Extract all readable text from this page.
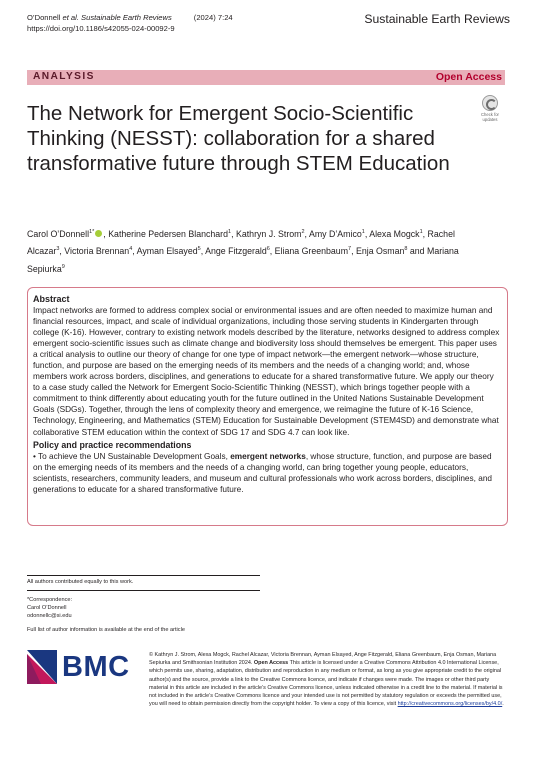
O’Donnell et al. Sustainable Earth Reviews	(2024) 7:24
https://doi.org/10.1186/s42055-024-00092-9
Sustainable Earth Reviews
ANALYSIS	Open Access
The Network for Emergent Socio-Scientific Thinking (NESST): collaboration for a shared transformative future through STEM Education
Check for updates
Carol O’Donnell$^{1*}$ , Katherine Pedersen Blanchard$^1$, Kathryn J. Strom$^2$, Amy D’Amico$^1$, Alexa Mogck$^1$, Rachel Alcazar$^3$, Victoria Brennan$^4$, Ayman Elsayed$^5$, Ange Fitzgerald$^6$, Eliana Greenbaum$^7$, Enja Osman$^8$ and Mariana Sepiurka$^9$
Abstract

Impact networks are formed to address complex social or environmental issues and are often needed to maximize human and financial resources, impact, and scale of individual organizations, including those serving students in Kindergarten through college (K-16). However, contrary to existing network models described by the literature, networks designed to address complex emergent socio-scientific issues such as climate change and biodiversity loss should themselves be emergent. This paper uses a critical analysis to outline our theory of change for one type of impact network—the emergent network—whose structure, function, and purpose are based on the emerging needs of its members and the needs of a changing world; and, whose members work across borders, disciplines, and generations to educate for a shared transformative future. We apply our theory to a case study called the Network for Emergent Socio-Scientific Thinking (NESST), which brings together people with a commitment to think differently about educating youth for the future outlined in the United Nations Sustainable Development Goals (SDGs). Together, through the lens of complexity theory and emergence, we reimagine the future of K-16 Science, Technology, Engineering, and Mathematics (STEM) Education for Sustainable Development (STEM4SD) and demonstrate what collaborative STEM education within the context of SDG 17 and SDG 4.7 can look like.

Policy and practice recommendations

• To achieve the UN Sustainable Development Goals, emergent networks, whose structure, function, and purpose are based on the emerging needs of its members and the needs of a changing world, can bring together young people, educators, scientists, researchers, community leaders, and museum and cultural professionals who work across borders, disciplines, and generations to educate for a shared transformative future.

All authors contributed equally to this work.
*Correspondence:
Carol O’Donnell
odonnellc@si.edu
Full list of author information is available at the end of the article
BMC	© Kathryn J. Strom, Alexa Mogck, Rachel Alcazar, Victoria Brennan, Ayman Elsayed, Ange Fitzgerald, Eliana Greenbaum, Enja Osman, Mariana Sepiurka and Smithsonian Institution 2024. Open Access This article is licensed under a Creative Commons Attribution 4.0 International License, which permits use, sharing, adaptation, distribution and reproduction in any medium or format, as long as you give appropriate credit to the original author(s) and the source, provide a link to the Creative Commons licence, and indicate if changes were made. The images or other third party material in this article are included in the article’s Creative Commons licence, unless indicated otherwise in a credit line to the material. If material is not included in the article’s Creative Commons licence and your intended use is not permitted by statutory regulation or exceeds the permitted use, you will need to obtain permission directly from the copyright holder. To view a copy of this licence, visit http://creativecommons.org/licenses/by/4.0/.
